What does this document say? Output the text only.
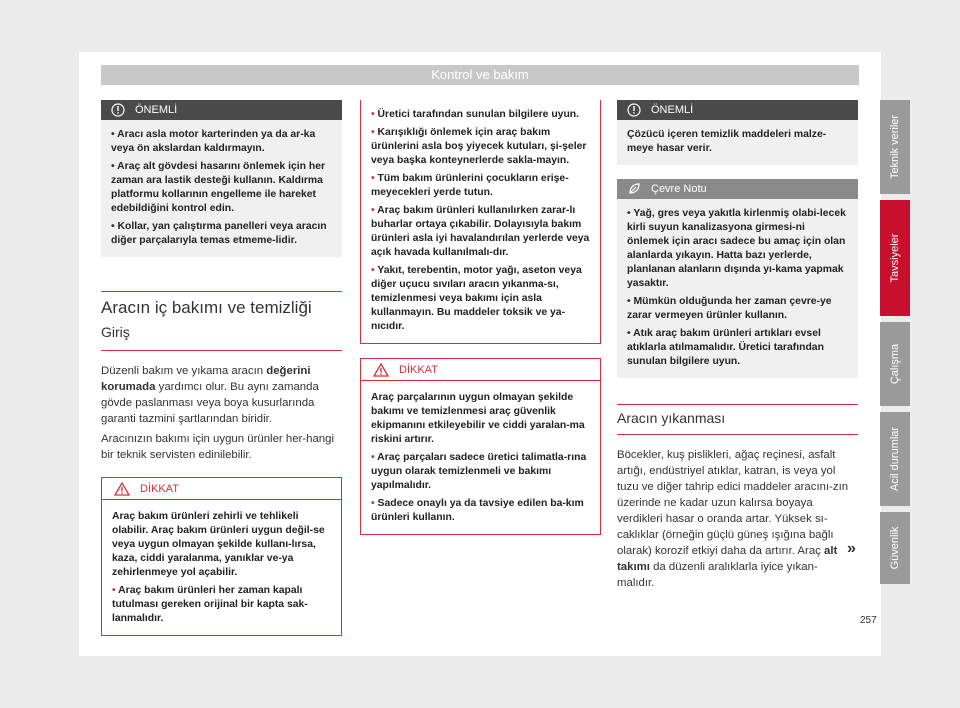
Kontrol ve bakım
ÖNEMLİ

• Aracı asla motor karterinden ya da ar-ka veya ön akslardan kaldırmayın.

• Araç alt gövdesi hasarını önlemek için her zaman ara lastik desteği kullanın. Kaldırma platformu kollarının engelleme ile hareket edebildiğini kontrol edin.

• Kollar, yan çalıştırma panelleri veya aracın diğer parçalarıyla temas etmeme-lidir.

Aracın iç bakımı ve temizliği
Giriş

Düzenli bakım ve yıkama aracın değerini korumada yardımcı olur. Bu aynı zamanda gövde paslanması veya boya kusurlarında garanti tazmini şartlarından biridir.

Aracınızın bakımı için uygun ürünler her-hangi bir teknik servisten edinilebilir.

DİKKAT

Araç bakım ürünleri zehirli ve tehlikeli olabilir. Araç bakım ürünleri uygun değil-se veya uygun olmayan şekilde kullanı-lırsa, kaza, ciddi yaralanma, yanıklar ve-ya zehirlenmeye yol açabilir.

• Araç bakım ürünleri her zaman kapalı tutulması gereken orijinal bir kapta sak-lanmalıdır.

• Üretici tarafından sunulan bilgilere uyun.

• Karışıklığı önlemek için araç bakım ürünlerini asla boş yiyecek kutuları, şi-şeler veya başka konteynerlerde sakla-mayın.

• Tüm bakım ürünlerini çocukların erişe-meyecekleri yerde tutun.

• Araç bakım ürünleri kullanılırken zarar-lı buharlar ortaya çıkabilir. Dolayısıyla bakım ürünleri asla iyi havalandırılan yerlerde veya açık havada kullanılmalı-dır.

• Yakıt, terebentin, motor yağı, aseton veya diğer uçucu sıvıları aracın yıkanma-sı, temizlenmesi veya bakımı için asla kullanmayın. Bu maddeler toksik ve ya-nıcıdır.

DİKKAT

Araç parçalarının uygun olmayan şekilde bakımı ve temizlenmesi araç güvenlik ekipmanını etkileyebilir ve ciddi yaralan-ma riskini artırır.

• Araç parçaları sadece üretici talimatla-rına uygun olarak temizlenmeli ve bakımı yapılmalıdır.

• Sadece onaylı ya da tavsiye edilen ba-kım ürünleri kullanın.

ÖNEMLİ

Çözücü içeren temizlik maddeleri malze-meye hasar verir.

Çevre Notu

• Yağ, gres veya yakıtla kirlenmiş olabi-lecek kirli suyun kanalizasyona girmesi-ni önlemek için aracı sadece bu amaç için olan alanlarda yıkayın. Hatta bazı yerlerde, planlanan alanların dışında yı-kama yapmak yasaktır.

• Mümkün olduğunda her zaman çevre-ye zarar vermeyen ürünler kullanın.

• Atık araç bakım ürünleri artıkları evsel atıklarla atılmamalıdır. Üretici tarafından sunulan bilgilere uyun.

Aracın yıkanması

Böcekler, kuş pislikleri, ağaç reçinesi, asfalt artığı, endüstriyel atıklar, katran, is veya yol tuzu ve diğer tahrip edici maddeler aracını-zın üzerinde ne kadar uzun kalırsa boyaya verdikleri hasar o oranda artar. Yüksek sı-caklıklar (örneğin güçlü güneş ışığına bağlı olarak) korozif etkiyi daha da artırır. Araç alt takımı da düzenli aralıklarla iyice yıkan-malıdır.

»
Teknik veriler
Tavsiyeler
Çalışma
Acil durumlar
Güvenlik
257
